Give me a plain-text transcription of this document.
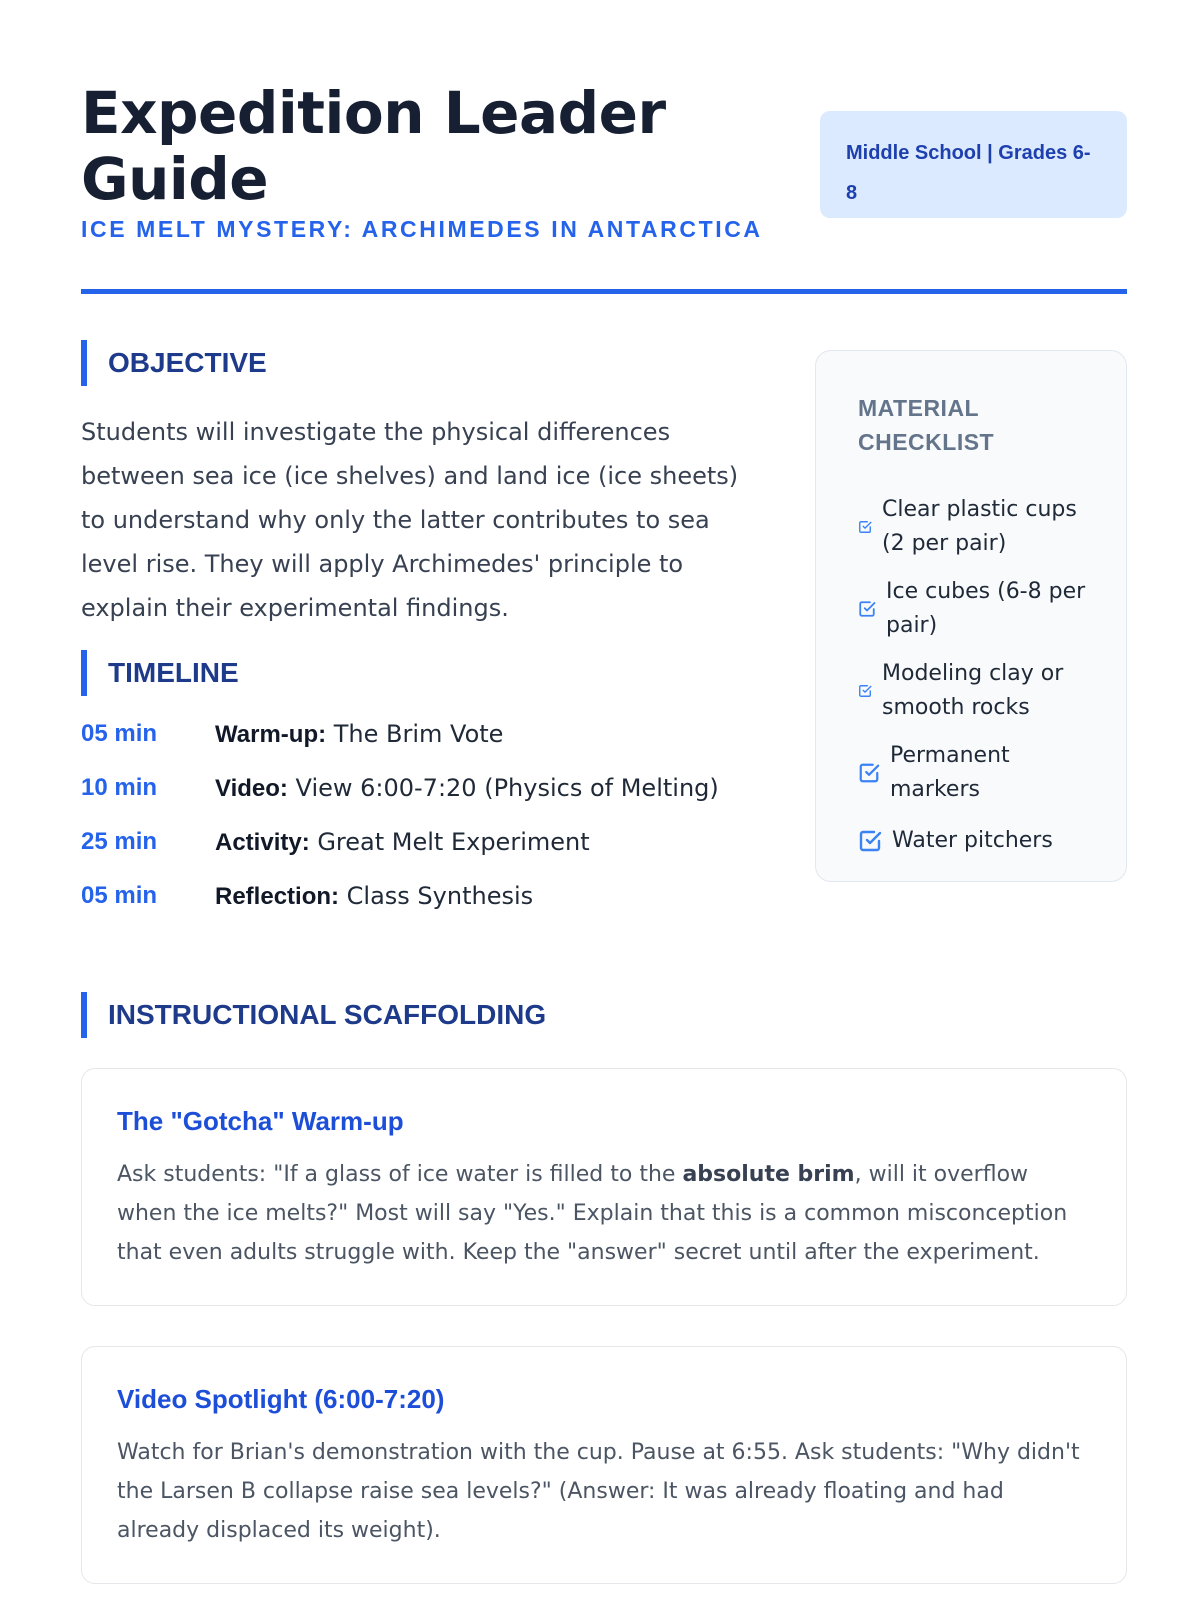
Expedition Leader Guide
ICE MELT MYSTERY: ARCHIMEDES IN ANTARCTICA
Middle School | Grades 6-8
OBJECTIVE
Students will investigate the physical differences between sea ice (ice shelves) and land ice (ice sheets) to understand why only the latter contributes to sea level rise. They will apply Archimedes' principle to explain their experimental findings.
TIMELINE
05 min Warm-up: The Brim Vote
10 min Video: View 6:00-7:20 (Physics of Melting)
25 min Activity: Great Melt Experiment
05 min Reflection: Class Synthesis
MATERIAL CHECKLIST
Clear plastic cups (2 per pair)
Ice cubes (6-8 per pair)
Modeling clay or smooth rocks
Permanent markers
Water pitchers
INSTRUCTIONAL SCAFFOLDING
The "Gotcha" Warm-up
Ask students: "If a glass of ice water is filled to the absolute brim, will it overflow when the ice melts?" Most will say "Yes." Explain that this is a common misconception that even adults struggle with. Keep the "answer" secret until after the experiment.
Video Spotlight (6:00-7:20)
Watch for Brian's demonstration with the cup. Pause at 6:55. Ask students: "Why didn't the Larsen B collapse raise sea levels?" (Answer: It was already floating and had already displaced its weight).
